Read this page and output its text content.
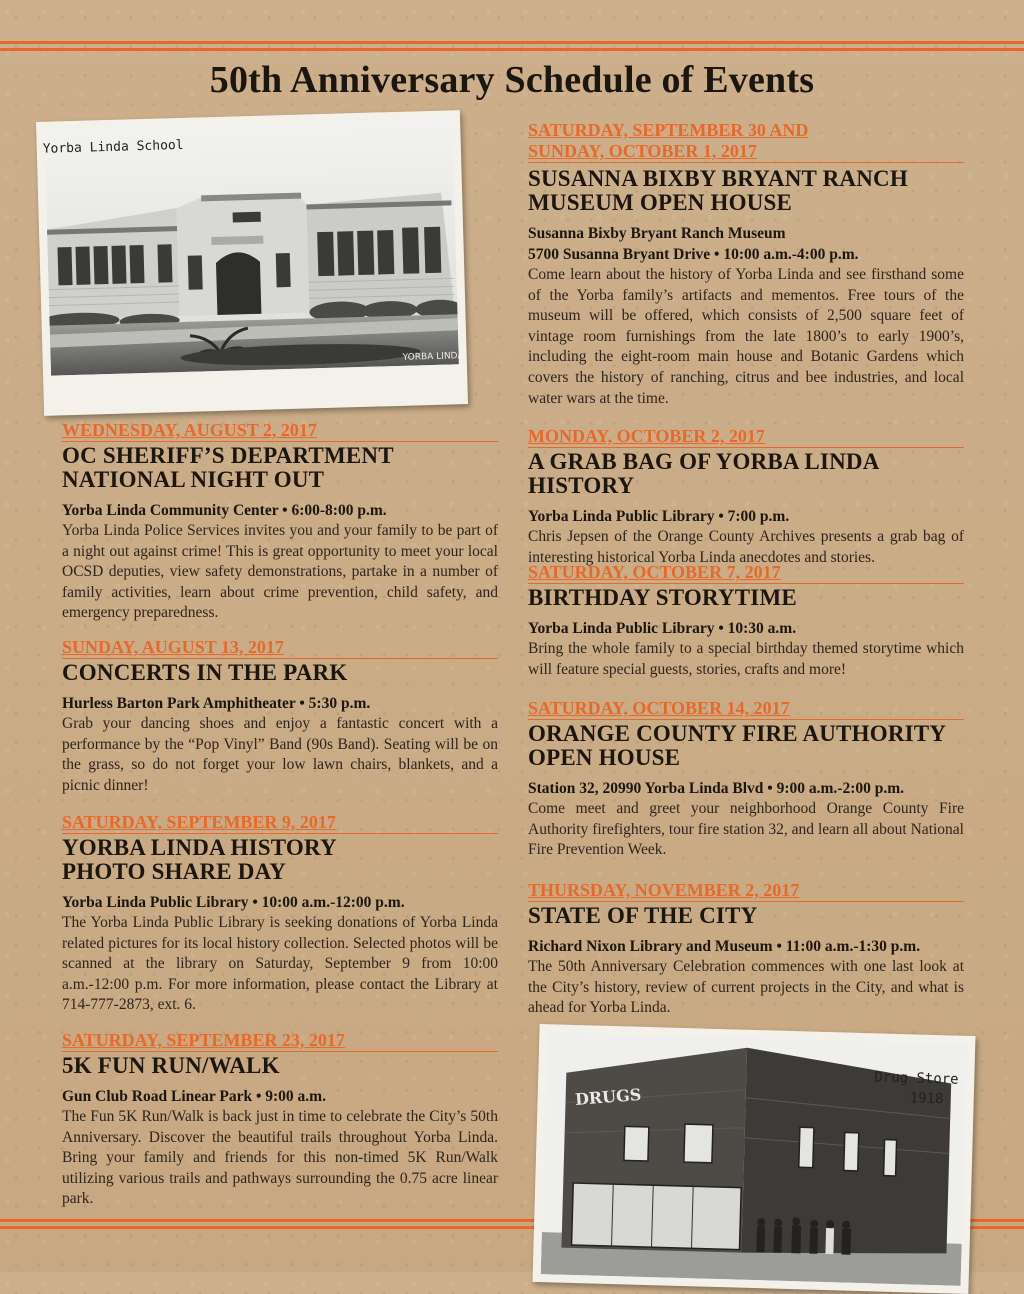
50th Anniversary Schedule of Events
YORBA LINDA
Yorba Linda School
WEDNESDAY, AUGUST 2, 2017
OC SHERIFF’S DEPARTMENT
NATIONAL NIGHT OUT
Yorba Linda Community Center • 6:00-8:00 p.m.
Yorba Linda Police Services invites you and your family to be part of a night out against crime! This is great opportunity to meet your local OCSD deputies, view safety demonstrations, partake in a number of family activities, learn about crime prevention, child safety, and emergency preparedness.
SUNDAY, AUGUST 13, 2017
CONCERTS IN THE PARK
Hurless Barton Park Amphitheater • 5:30 p.m.
Grab your dancing shoes and enjoy a fantastic concert with a performance by the “Pop Vinyl” Band (90s Band). Seating will be on the grass, so do not forget your low lawn chairs, blankets, and a picnic dinner!
SATURDAY, SEPTEMBER 9, 2017
YORBA LINDA HISTORY
PHOTO SHARE DAY
Yorba Linda Public Library • 10:00 a.m.-12:00 p.m.
The Yorba Linda Public Library is seeking donations of Yorba Linda related pictures for its local history collection. Selected photos will be scanned at the library on Saturday, September 9 from 10:00 a.m.-12:00 p.m. For more information, please contact the Library at 714-777-2873, ext. 6.
SATURDAY, SEPTEMBER 23, 2017
5K FUN RUN/WALK
Gun Club Road Linear Park • 9:00 a.m.
The Fun 5K Run/Walk is back just in time to celebrate the City’s 50th Anniversary. Discover the beautiful trails throughout Yorba Linda. Bring your family and friends for this non-timed 5K Run/Walk utilizing various trails and pathways surrounding the 0.75 acre linear park.
SATURDAY, SEPTEMBER 30 AND
SUNDAY, OCTOBER 1, 2017
SUSANNA BIXBY BRYANT RANCH
MUSEUM OPEN HOUSE
Susanna Bixby Bryant Ranch Museum
5700 Susanna Bryant Drive • 10:00 a.m.-4:00 p.m.
Come learn about the history of Yorba Linda and see firsthand some of the Yorba family’s artifacts and mementos. Free tours of the museum will be offered, which consists of 2,500 square feet of vintage room furnishings from the late 1800’s to early 1900’s, including the eight-room main house and Botanic Gardens which covers the history of ranching, citrus and bee industries, and local water wars at the time.
MONDAY, OCTOBER 2, 2017
A GRAB BAG OF YORBA LINDA HISTORY
Yorba Linda Public Library • 7:00 p.m.
Chris Jepsen of the Orange County Archives presents a grab bag of interesting historical Yorba Linda anecdotes and stories.
SATURDAY, OCTOBER 7, 2017
BIRTHDAY STORYTIME
Yorba Linda Public Library • 10:30 a.m.
Bring the whole family to a special birthday themed storytime which will feature special guests, stories, crafts and more!
SATURDAY, OCTOBER 14, 2017
ORANGE COUNTY FIRE AUTHORITY
OPEN HOUSE
Station 32, 20990 Yorba Linda Blvd • 9:00 a.m.-2:00 p.m.
Come meet and greet your neighborhood Orange County Fire Authority firefighters, tour fire station 32, and learn all about National Fire Prevention Week.
THURSDAY, NOVEMBER 2, 2017
STATE OF THE CITY
Richard Nixon Library and Museum • 11:00 a.m.-1:30 p.m.
The 50th Anniversary Celebration commences with one last look at the City’s history, review of current projects in the City, and what is ahead for Yorba Linda.
DRUGS
Drug Store
1918
